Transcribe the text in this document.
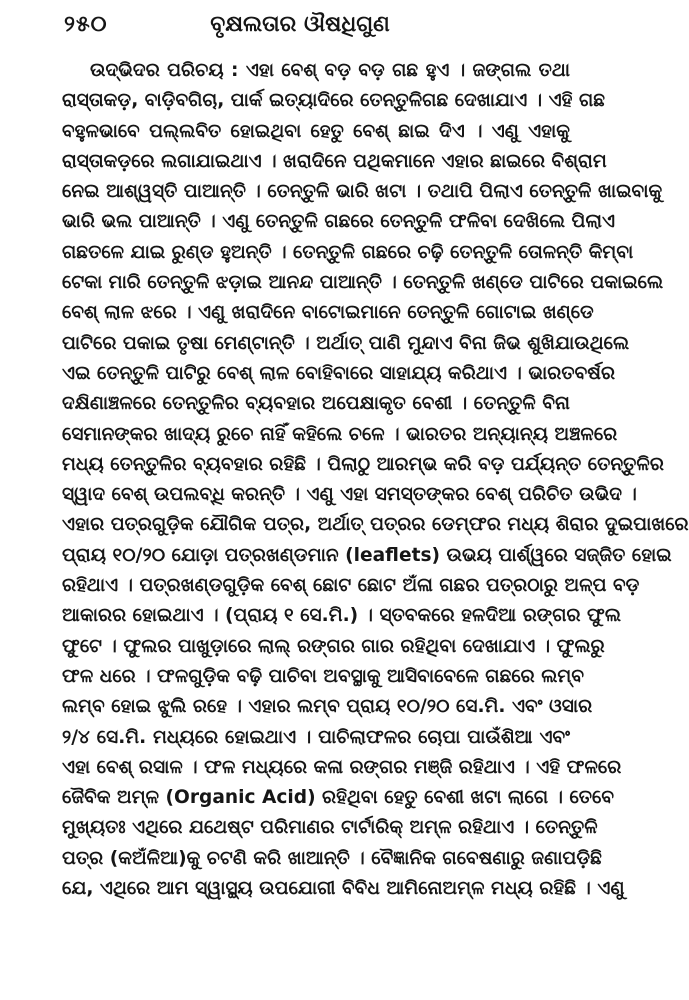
୨୫୦	ବୃକ୍ଷଲତାର ଔଷଧିଗୁଣ
ଉଦ୍ଭିଦର ପରିଚୟ : ଏହା ବେଶ୍ ବଡ଼ ବଡ଼ ଗଛ ହୁଏ । ଜଙ୍ଗଲ ତଥା
ରାସ୍ତାକଡ଼, ବାଡ଼ିବଗିଚା, ପାର୍କ ଇତ୍ୟାଦିରେ ତେନ୍ତୁଳିଗଛ ଦେଖାଯାଏ । ଏହି ଗଛ
ବହୁଳଭାବେ ପଲ୍ଲବିତ ହୋଇଥିବା ହେତୁ ବେଶ୍ ଛାଇ ଦିଏ । ଏଣୁ ଏହାକୁ
ରାସ୍ତାକଡ଼ରେ ଲଗାଯାଇଥାଏ । ଖରାଦିନେ ପଥିକମାନେ ଏହାର ଛାଇରେ ବିଶ୍ରାମ
ନେଇ ଆଶ୍ୱସ୍ତି ପାଆନ୍ତି । ତେନ୍ତୁଳି ଭାରି ଖଟା । ତଥାପି ପିଲାଏ ତେନ୍ତୁଳି ଖାଇବାକୁ
ଭାରି ଭଲ ପାଆନ୍ତି । ଏଣୁ ତେନ୍ତୁଳି ଗଛରେ ତେନ୍ତୁଳି ଫଳିବା ଦେଖିଲେ ପିଲାଏ
ଗଛତଳେ ଯାଇ ରୁଣ୍ଡ ହୁଅନ୍ତି । ତେନ୍ତୁଳି ଗଛରେ ଚଢ଼ି ତେନ୍ତୁଳି ତୋଳନ୍ତି କିମ୍ବା
ଟେକା ମାରି ତେନ୍ତୁଳି ଝଡ଼ାଇ ଆନନ୍ଦ ପାଆନ୍ତି । ତେନ୍ତୁଳି ଖଣ୍ଡେ ପାଟିରେ ପକାଇଲେ
ବେଶ୍ ଲାଳ ଝରେ । ଏଣୁ ଖରାଦିନେ ବାଟୋଇମାନେ ତେନ୍ତୁଳି ଗୋଟାଇ ଖଣ୍ଡେ
ପାଟିରେ ପକାଇ ତୃଷା ମେଣ୍ଟାନ୍ତି । ଅର୍ଥାତ୍ ପାଣି ମୁନ୍ଦାଏ ବିନା ଜିଭ ଶୁଖିଯାଉଥିଲେ
ଏଇ ତେନ୍ତୁଳି ପାଟିରୁ ବେଶ୍ ଲାଳ ବୋହିବାରେ ସାହାଯ୍ୟ କରିଥାଏ । ଭାରତବର୍ଷର
ଦକ୍ଷିଣାଞ୍ଚଳରେ ତେନ୍ତୁଳିର ବ୍ୟବହାର ଅପେକ୍ଷାକୃତ ବେଶୀ । ତେନ୍ତୁଳି ବିନା
ସେମାନଙ୍କର ଖାଦ୍ୟ ରୁଚେ ନାହିଁ କହିଲେ ଚଳେ । ଭାରତର ଅନ୍ୟାନ୍ୟ ଅଞ୍ଚଳରେ
ମଧ୍ୟ ତେନ୍ତୁଳିର ବ୍ୟବହାର ରହିଛି । ପିଲାଠୁ ଆରମ୍ଭ କରି ବଡ଼ ପର୍ଯ୍ୟନ୍ତ ତେନ୍ତୁଳିର
ସ୍ୱାଦ ବେଶ୍ ଉପଲବ୍ଧି କରନ୍ତି । ଏଣୁ ଏହା ସମସ୍ତଙ୍କର ବେଶ୍ ପରିଚିତ ଉଭିଦ ।
ଏହାର ପତ୍ରଗୁଡ଼ିକ ଯୌଗିକ ପତ୍ର, ଅର୍ଥାତ୍ ପତ୍ରର ଡେମ୍ଫର ମଧ୍ୟ ଶିରାର ଦୁଇପାଖରେ
ପ୍ରାୟ ୧୦/୨୦ ଯୋଡ଼ା ପତ୍ରଖଣ୍ଡମାନ (leaflets) ଉଭୟ ପାର୍ଶ୍ୱରେ ସଜ୍ଜିତ ହୋଇ
ରହିଥାଏ । ପତ୍ରଖଣ୍ଡଗୁଡ଼ିକ ବେଶ୍ ଛୋଟ ଛୋଟ ଅଁଳା ଗଛର ପତ୍ରଠାରୁ ଅଳ୍ପ ବଡ଼
ଆକାରର ହୋଇଥାଏ । (ପ୍ରାୟ ୧ ସେ.ମି.) । ସ୍ତବକରେ ହଳଦିଆ ରଙ୍ଗର ଫୁଲ
ଫୁଟେ । ଫୁଲର ପାଖୁଡ଼ାରେ ଲାଲ୍ ରଙ୍ଗର ଗାର ରହିଥିବା ଦେଖାଯାଏ । ଫୁଲରୁ
ଫଳ ଧରେ । ଫଳଗୁଡ଼ିକ ବଢ଼ି ପାଚିବା ଅବସ୍ଥାକୁ ଆସିବାବେଳେ ଗଛରେ ଲମ୍ବ
ଲମ୍ବ ହୋଇ ଝୁଲି ରହେ । ଏହାର ଲମ୍ବ ପ୍ରାୟ ୧୦/୨୦ ସେ.ମି. ଏବଂ ଓସାର
୨/୪ ସେ.ମି. ମଧ୍ୟରେ ହୋଇଥାଏ । ପାଚିଲାଫଳର ଚୋପା ପାଉଁଶିଆ ଏବଂ
ଏହା ବେଶ୍ ରସାଳ । ଫଳ ମଧ୍ୟରେ କଳା ରଙ୍ଗର ମଞ୍ଜି ରହିଥାଏ । ଏହି ଫଳରେ
ଜୈବିକ ଅମ୍ଳ (Organic Acid) ରହିଥିବା ହେତୁ ବେଶୀ ଖଟା ଲାଗେ । ତେବେ
ମୁଖ୍ୟତଃ ଏଥିରେ ଯଥେଷ୍ଟ ପରିମାଣର ଟାର୍ଟାରିକ୍ ଅମ୍ଳ ରହିଥାଏ । ତେନ୍ତୁଳି
ପତ୍ର (କଅଁଳିଆ)କୁ ଚଟଣି କରି ଖାଆନ୍ତି । ବୈଜ୍ଞାନିକ ଗବେଷଣାରୁ ଜଣାପଡ଼ିଛି
ଯେ, ଏଥିରେ ଆମ ସ୍ୱାସ୍ଥ୍ୟ ଉପଯୋଗୀ ବିବିଧ ଆମିନୋଅମ୍ଳ ମଧ୍ୟ ରହିଛି । ଏଣୁ
